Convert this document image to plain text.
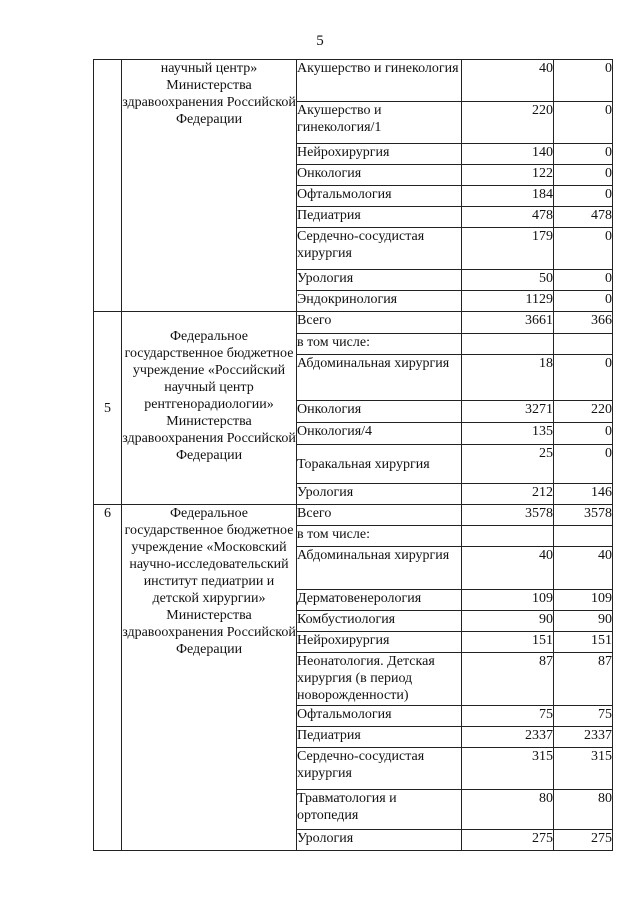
5
	научный центр» Министерства здравоохранения Российской Федерации	Акушерство и гинекология	40	0
		Акушерство и гинекология/1	220	0
		Нейрохирургия	140	0
		Онкология	122	0
		Офтальмология	184	0
		Педиатрия	478	478
		Сердечно-сосудистая хирургия	179	0
		Урология	50	0
		Эндокринология	1129	0
5	Федеральное государственное бюджетное учреждение «Российский научный центр рентгенорадиологии» Министерства здравоохранения Российской Федерации	Всего	3661	366
		в том числе:		
		Абдоминальная хирургия	18	0
		Онкология	3271	220
		Онкология/4	135	0
		Торакальная хирургия	25	0
		Урология	212	146
6	Федеральное государственное бюджетное учреждение «Московский научно-исследовательский институт педиатрии и детской хирургии» Министерства здравоохранения Российской Федерации	Всего	3578	3578
		в том числе:		
		Абдоминальная хирургия	40	40
		Дерматовенерология	109	109
		Комбустиология	90	90
		Нейрохирургия	151	151
		Неонатология. Детская хирургия (в период новорожденности)	87	87
		Офтальмология	75	75
		Педиатрия	2337	2337
		Сердечно-сосудистая хирургия	315	315
		Травматология и ортопедия	80	80
		Урология	275	275
